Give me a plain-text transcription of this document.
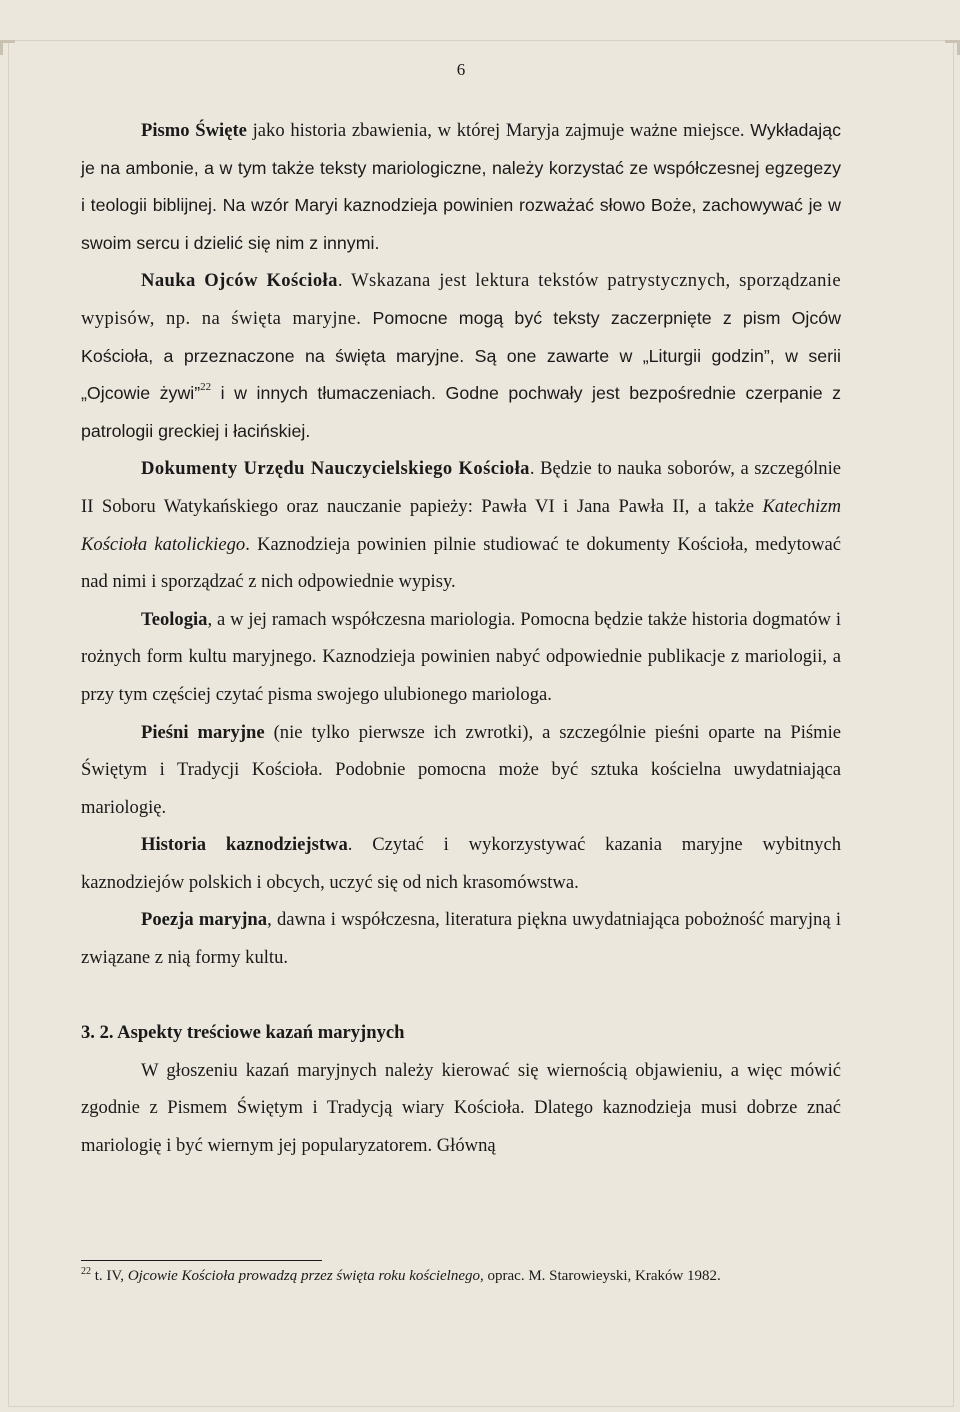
6

Pismo Święte jako historia zbawienia, w której Maryja zajmuje ważne miejsce. Wykładając je na ambonie, a w tym także teksty mariologiczne, należy korzystać ze współczesnej egzegezy i teologii biblijnej. Na wzór Maryi kaznodzieja powinien rozważać słowo Boże, zachowywać je w swoim sercu i dzielić się nim z innymi.

Nauka Ojców Kościoła. Wskazana jest lektura tekstów patrystycznych, sporządzanie wypisów, np. na święta maryjne. Pomocne mogą być teksty zaczerpnięte z pism Ojców Kościoła, a przeznaczone na święta maryjne. Są one zawarte w „Liturgii godzin”, w serii „Ojcowie żywi”$^{22}$ i w innych tłumaczeniach. Godne pochwały jest bezpośrednie czerpanie z patrologii greckiej i łacińskiej.

Dokumenty Urzędu Nauczycielskiego Kościoła. Będzie to nauka soborów, a szczególnie II Soboru Watykańskiego oraz nauczanie papieży: Pawła VI i Jana Pawła II, a także Katechizm Kościoła katolickiego. Kaznodzieja powinien pilnie studiować te dokumenty Kościoła, medytować nad nimi i sporządzać z nich odpowiednie wypisy.

Teologia, a w jej ramach współczesna mariologia. Pomocna będzie także historia dogmatów i rożnych form kultu maryjnego. Kaznodzieja powinien nabyć odpowiednie publikacje z mariologii, a przy tym częściej czytać pisma swojego ulubionego mariologa.

Pieśni maryjne (nie tylko pierwsze ich zwrotki), a szczególnie pieśni oparte na Piśmie Świętym i Tradycji Kościoła. Podobnie pomocna może być sztuka kościelna uwydatniająca mariologię.

Historia kaznodziejstwa. Czytać i wykorzystywać kazania maryjne wybitnych kaznodziejów polskich i obcych, uczyć się od nich krasomówstwa.

Poezja maryjna, dawna i współczesna, literatura piękna uwydatniająca pobożność maryjną i związane z nią formy kultu.

3. 2. Aspekty treściowe kazań maryjnych

W głoszeniu kazań maryjnych należy kierować się wiernością objawieniu, a więc mówić zgodnie z Pismem Świętym i Tradycją wiary Kościoła. Dlatego kaznodzieja musi dobrze znać mariologię i być wiernym jej popularyzatorem. Główną

$^{22}$ t. IV, Ojcowie Kościoła prowadzą przez święta roku kościelnego, oprac. M. Starowieyski, Kraków 1982.
